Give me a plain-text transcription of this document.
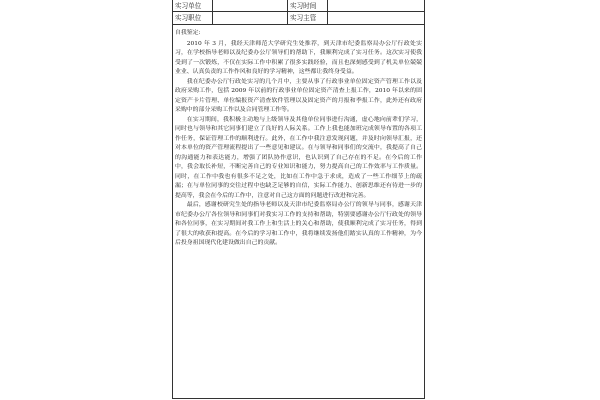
实习单位	实习时间
实习职位	实习主管
自我鉴定:

2010 年 3 月，我经天津师范大学研究生处推荐，到天津市纪委监察局办公厅行政处实习，在学校指导老师以及纪委办公厅领导们的帮助下，我顺利完成了实习任务。这次实习使我受到了一次锻炼，不仅在实际工作中积累了很多实践经验，而且也深刻感受到了机关单位兢兢业业、认真负责的工作作风和良好的学习精神，这些都让我终身受益。

我在纪委办公厅行政处实习的几个月中，主要从事了行政事业单位固定资产管理工作以及政府采购工作，包括 2009 年以前的行政事业单位固定资产清查上报工作，2010 年以来的固定资产卡片管理、单位编报资产清查软件管理以及固定资产的月报和季报工作，此外还有政府采购中的部分采购工作以及合同管理工作等。

在实习期间，我积极主动地与上级领导及其他单位同事进行沟通，虚心地向前辈们学习，同时也与领导和其它同事们建立了良好的人际关系。工作上我也能加班完成领导布置的各项工作任务，保证管理工作的顺利进行。此外，在工作中我注意发现问题，并及时向领导汇报，还对本单位的资产管理流程提出了一些意见和建议。在与领导和同事们的交流中，我提高了自己的沟通能力和表达能力，增强了团队协作意识，也认识到了自己存在的不足。在今后的工作中，我会取长补短，不断完善自己的专业知识和能力，努力提高自己的工作效率与工作质量。同时，在工作中我也有很多不足之处，比如在工作中急于求成，造成了一些工作细节上的疏漏；在与单位同事的交往过程中也缺乏足够的自信，实际工作能力、创新思维还有待进一步的提高等，我会在今后的工作中，注意对自己这方面的问题进行改进和完善。

最后，感谢校研究生处的指导老师以及天津市纪委监察局办公厅的领导与同事，感谢天津市纪委办公厅各位领导和同事们对我实习工作的支持和帮助，特别要感谢办公厅行政处的领导和各位同事，在实习期间对我工作上和生活上的关心和帮助，使我顺利完成了实习任务，得到了很大的收获和提高。在今后的学习和工作中，我将继续发扬他们踏实认真的工作精神，为今后投身祖国现代化建设做出自己的贡献。
